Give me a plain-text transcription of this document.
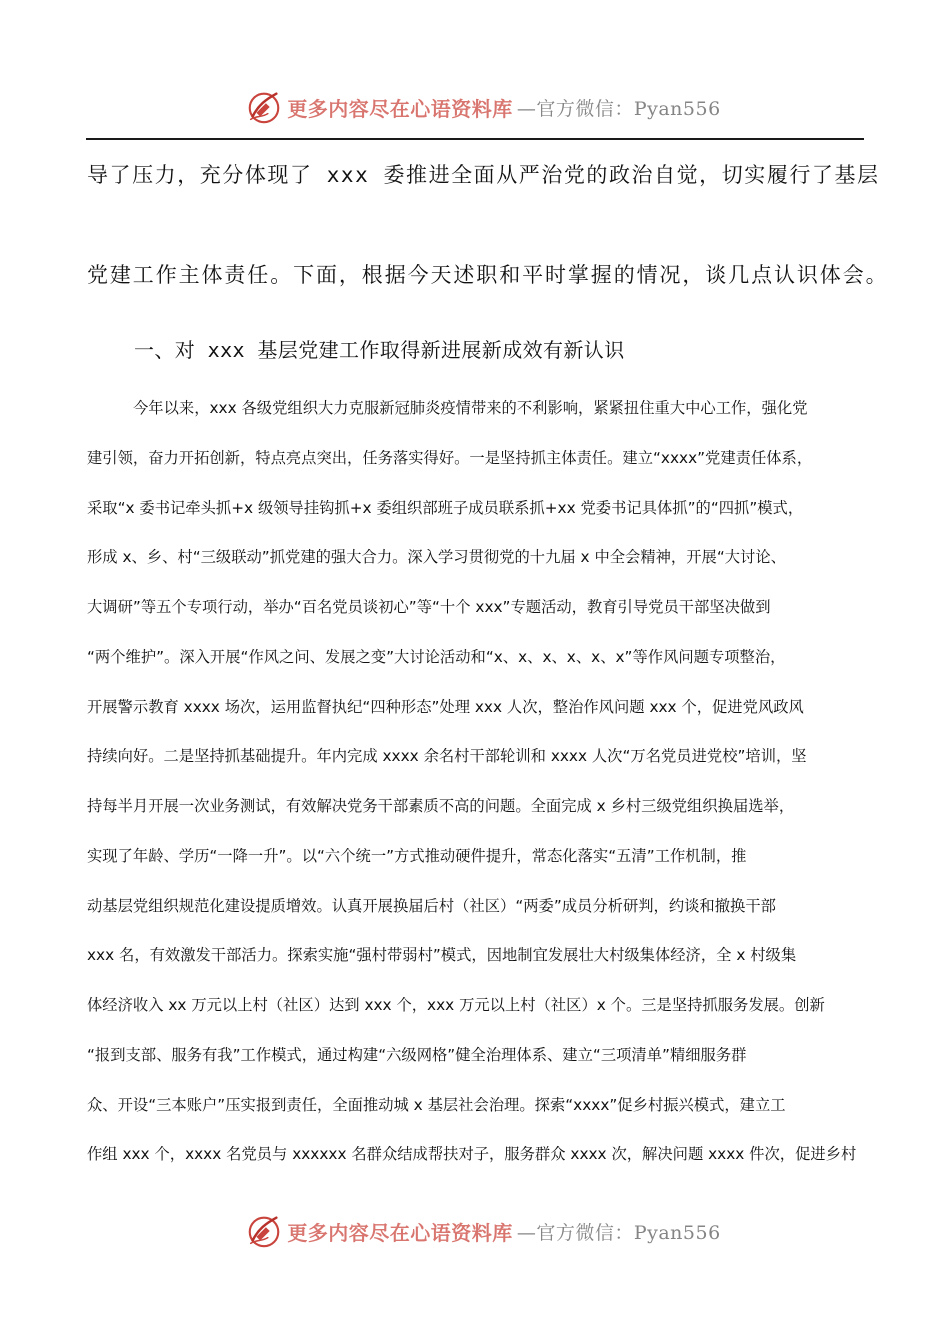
更多内容尽在心语资料库 —官方微信：Pyan556
导了压力，充分体现了 xxx 委推进全面从严治党的政治自觉，切实履行了基层
党建工作主体责任。下面，根据今天述职和平时掌握的情况，谈几点认识体会。
一、对 xxx 基层党建工作取得新进展新成效有新认识
今年以来，xxx 各级党组织大力克服新冠肺炎疫情带来的不利影响，紧紧扭住重大中心工作，强化党
建引领，奋力开拓创新，特点亮点突出，任务落实得好。一是坚持抓主体责任。建立“xxxx”党建责任体系，
采取“x 委书记牵头抓+x 级领导挂钩抓+x 委组织部班子成员联系抓+xx 党委书记具体抓”的“四抓”模式，
形成 x、乡、村“三级联动”抓党建的强大合力。深入学习贯彻党的十九届 x 中全会精神，开展“大讨论、
大调研”等五个专项行动，举办“百名党员谈初心”等“十个 xxx”专题活动，教育引导党员干部坚决做到
“两个维护”。深入开展“作风之问、发展之变”大讨论活动和“x、x、x、x、x、x”等作风问题专项整治，
开展警示教育 xxxx 场次，运用监督执纪“四种形态”处理 xxx 人次，整治作风问题 xxx 个，促进党风政风
持续向好。二是坚持抓基础提升。年内完成 xxxx 余名村干部轮训和 xxxx 人次“万名党员进党校”培训，坚
持每半月开展一次业务测试，有效解决党务干部素质不高的问题。全面完成 x 乡村三级党组织换届选举，
实现了年龄、学历“一降一升”。以“六个统一”方式推动硬件提升，常态化落实“五清”工作机制，推
动基层党组织规范化建设提质增效。认真开展换届后村（社区）“两委”成员分析研判，约谈和撤换干部
xxx 名，有效激发干部活力。探索实施“强村带弱村”模式，因地制宜发展壮大村级集体经济，全 x 村级集
体经济收入 xx 万元以上村（社区）达到 xxx 个，xxx 万元以上村（社区）x 个。三是坚持抓服务发展。创新
“报到支部、服务有我”工作模式，通过构建“六级网格”健全治理体系、建立“三项清单”精细服务群
众、开设“三本账户”压实报到责任，全面推动城 x 基层社会治理。探索“xxxx”促乡村振兴模式，建立工
作组 xxx 个，xxxx 名党员与 xxxxxx 名群众结成帮扶对子，服务群众 xxxx 次，解决问题 xxxx 件次，促进乡村
更多内容尽在心语资料库 —官方微信：Pyan556
